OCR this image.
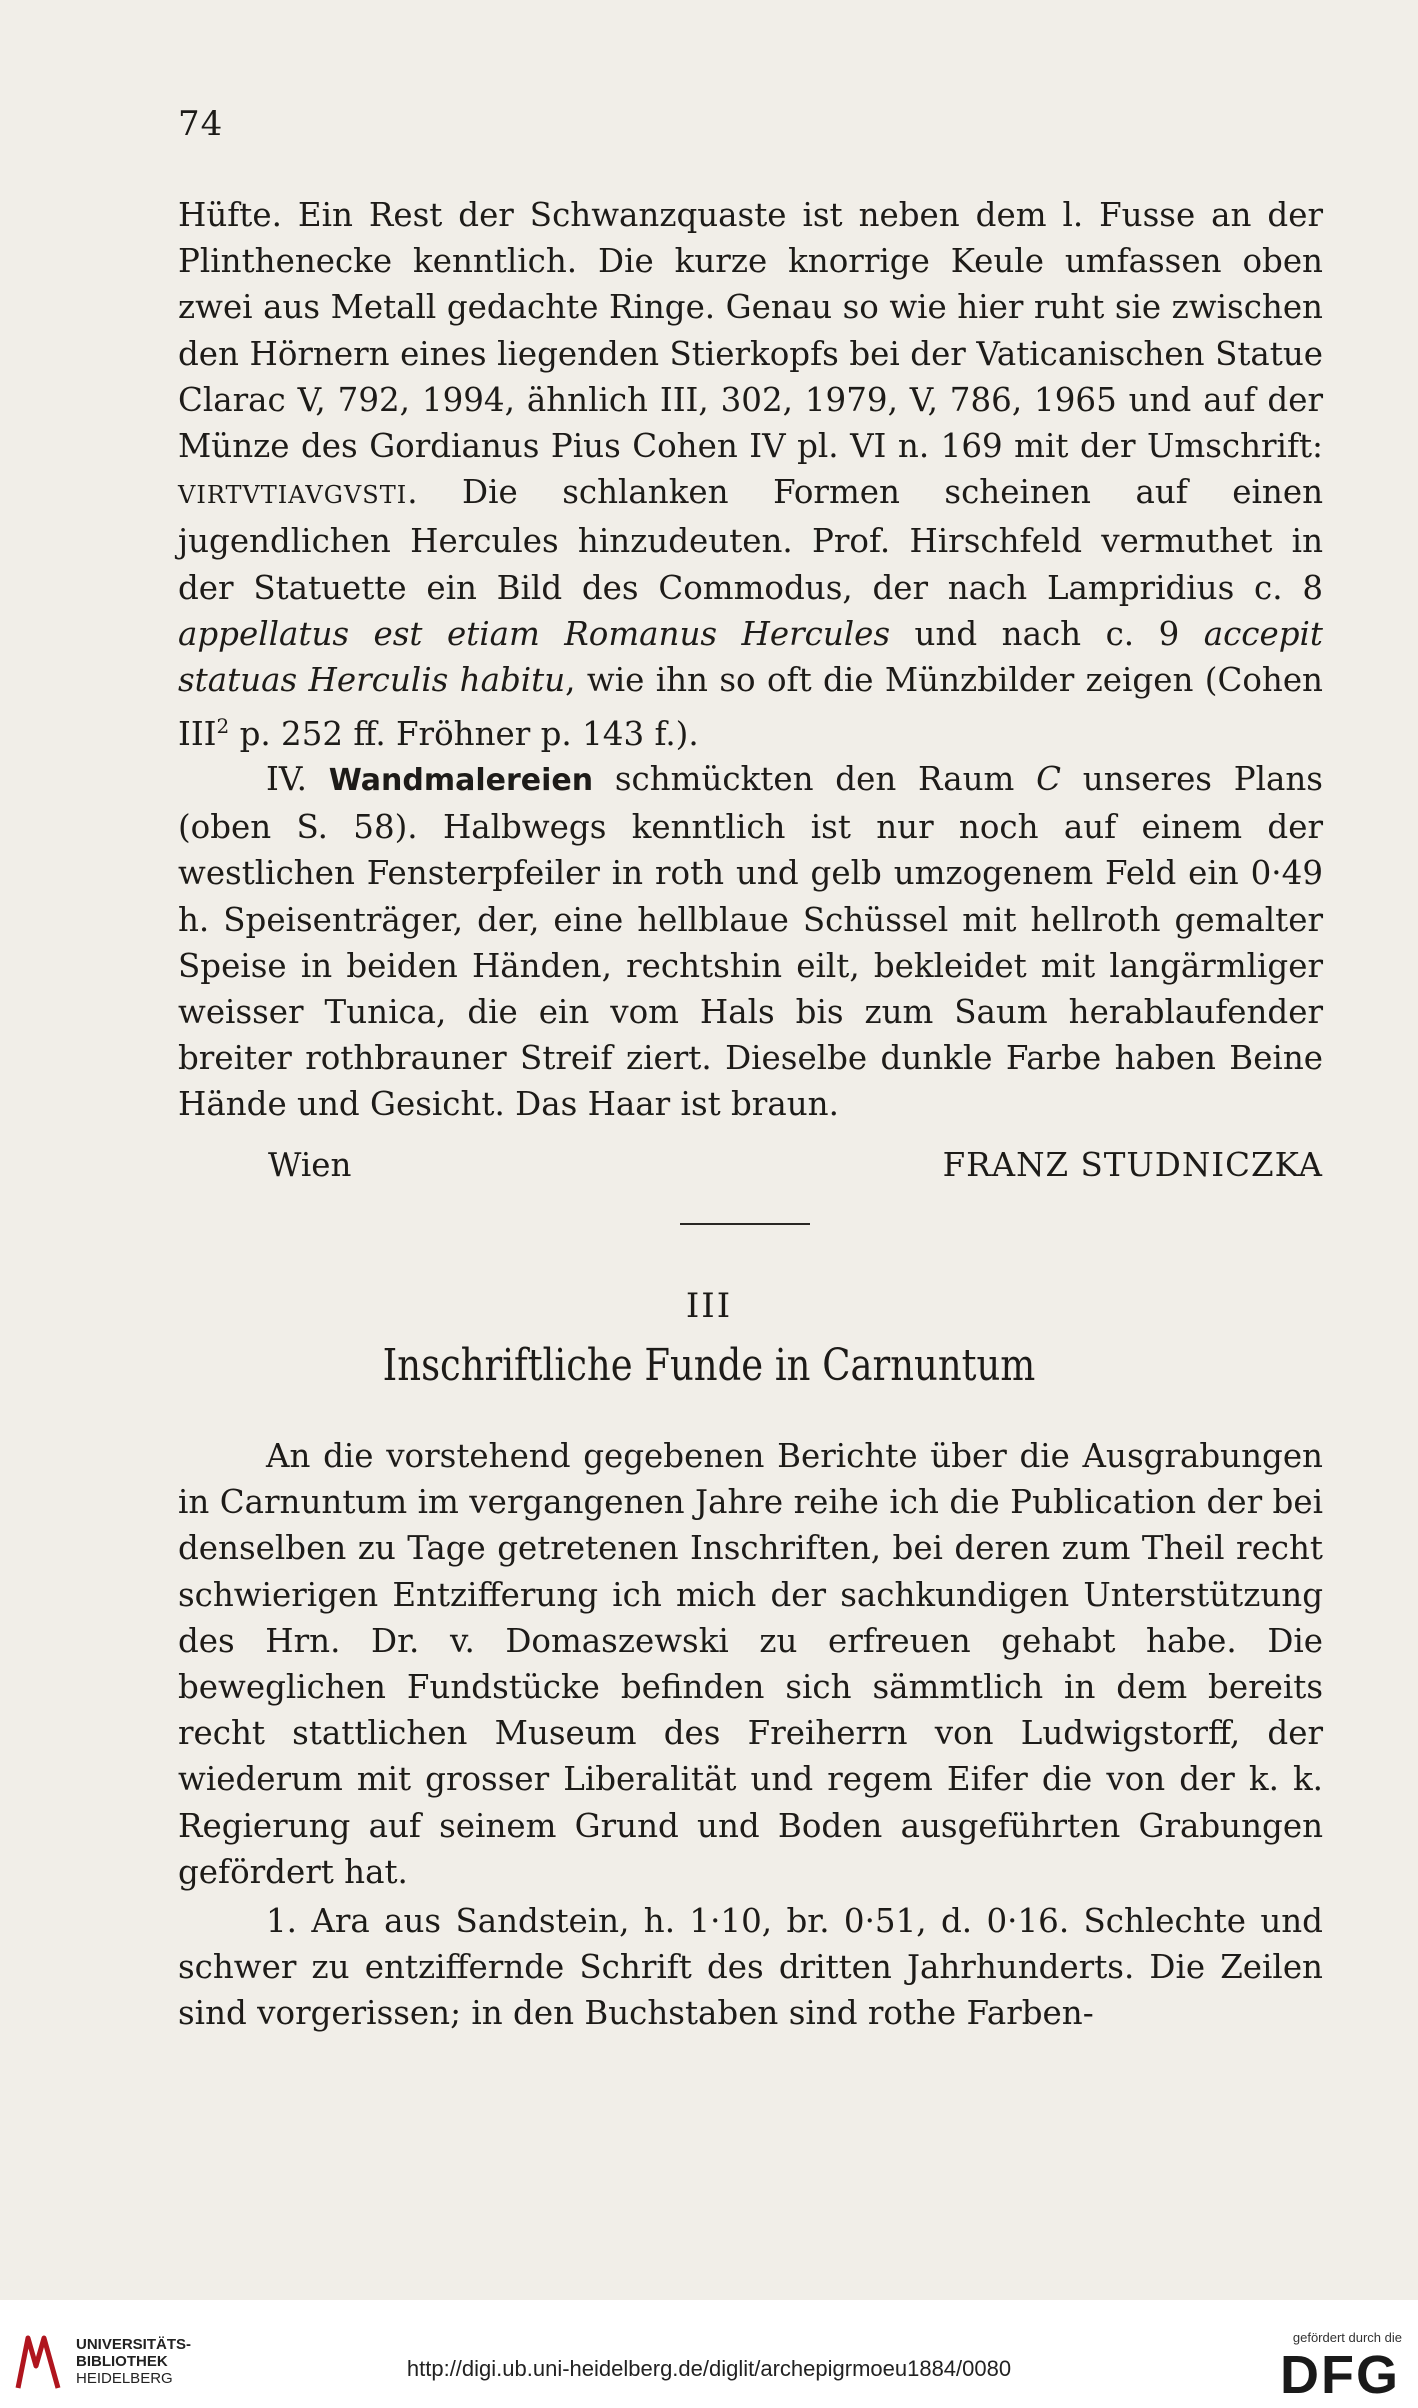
74

Hüfte. Ein Rest der Schwanzquaste ist neben dem l. Fusse an der Plinthenecke kenntlich. Die kurze knorrige Keule umfassen oben zwei aus Metall gedachte Ringe. Genau so wie hier ruht sie zwischen den Hörnern eines liegenden Stierkopfs bei der Vaticanischen Statue Clarac V, 792, 1994, ähnlich III, 302, 1979, V, 786, 1965 und auf der Münze des Gordianus Pius Cohen IV pl. VI n. 169 mit der Umschrift: VIRTVTIAVGVSTI. Die schlanken Formen scheinen auf einen jugendlichen Hercules hinzudeuten. Prof. Hirschfeld vermuthet in der Statuette ein Bild des Commodus, der nach Lampridius c. 8 appellatus est etiam Romanus Hercules und nach c. 9 accepit statuas Herculis habitu, wie ihn so oft die Münzbilder zeigen (Cohen III$^2$ p. 252 ff. Fröhner p. 143 f.).

IV. Wandmalereien schmückten den Raum C unseres Plans (oben S. 58). Halbwegs kenntlich ist nur noch auf einem der westlichen Fensterpfeiler in roth und gelb umzogenem Feld ein 0·49 h. Speisenträger, der, eine hellblaue Schüssel mit hellroth gemalter Speise in beiden Händen, rechtshin eilt, bekleidet mit langärmliger weisser Tunica, die ein vom Hals bis zum Saum herablaufender breiter rothbrauner Streif ziert. Dieselbe dunkle Farbe haben Beine Hände und Gesicht. Das Haar ist braun.

Wien	FRANZ STUDNICZKA
III
Inschriftliche Funde in Carnuntum

An die vorstehend gegebenen Berichte über die Ausgrabungen in Carnuntum im vergangenen Jahre reihe ich die Publication der bei denselben zu Tage getretenen Inschriften, bei deren zum Theil recht schwierigen Entzifferung ich mich der sachkundigen Unterstützung des Hrn. Dr. v. Domaszewski zu erfreuen gehabt habe. Die beweglichen Fundstücke befinden sich sämmtlich in dem bereits recht stattlichen Museum des Freiherrn von Ludwigstorff, der wiederum mit grosser Liberalität und regem Eifer die von der k. k. Regierung auf seinem Grund und Boden ausgeführten Grabungen gefördert hat.

1. Ara aus Sandstein, h. 1·10, br. 0·51, d. 0·16. Schlechte und schwer zu entziffernde Schrift des dritten Jahrhunderts. Die Zeilen sind vorgerissen; in den Buchstaben sind rothe Farben-

UNIVERSITÄTS-
BIBLIOTHEK
HEIDELBERG	http://digi.ub.uni-heidelberg.de/diglit/archepigrmoeu1884/0080
gefördert durch die
DFG
